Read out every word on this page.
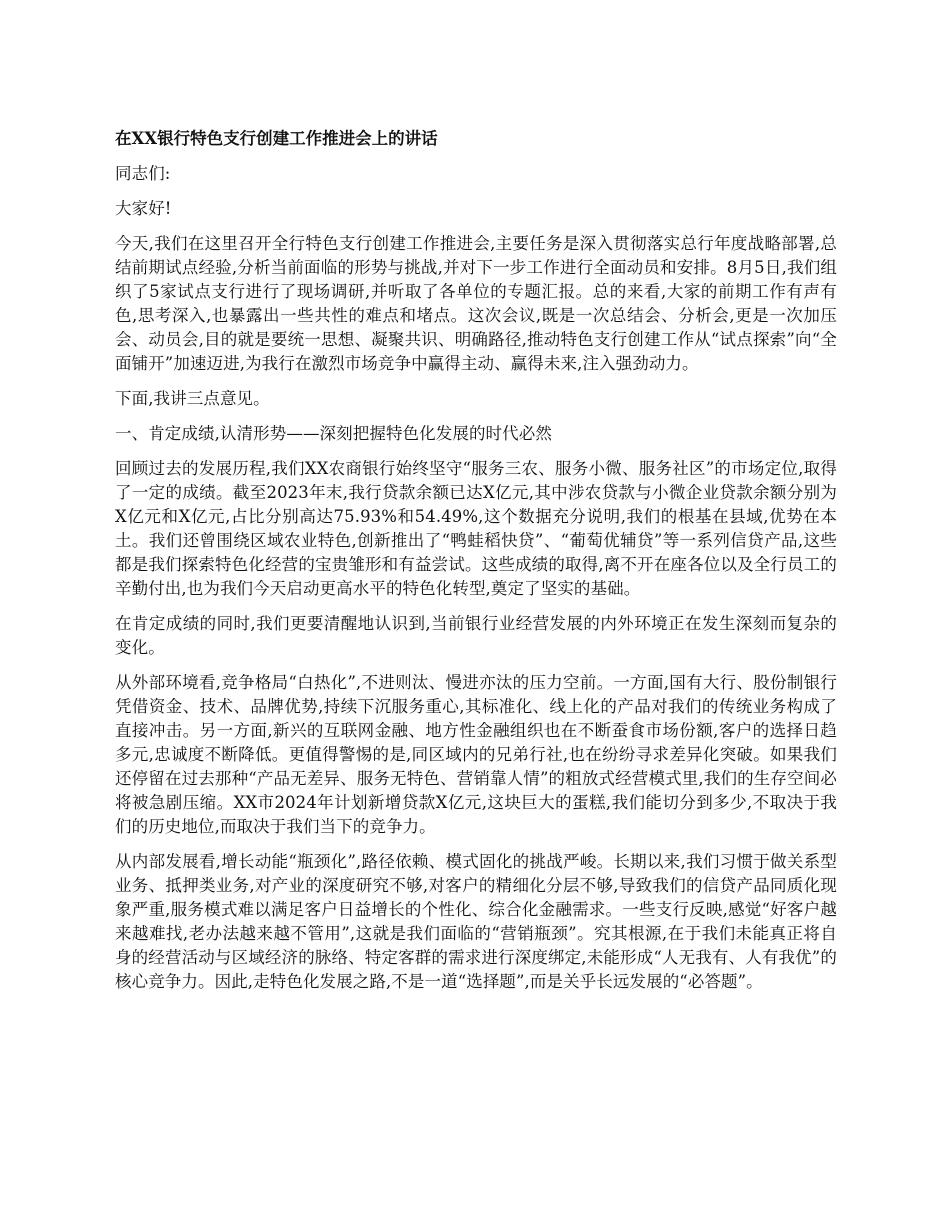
在XX银行特色支行创建工作推进会上的讲话

同志们:

大家好!

今天,我们在这里召开全行特色支行创建工作推进会,主要任务是深入贯彻落实总行年度战略部署,总结前期试点经验,分析当前面临的形势与挑战,并对下一步工作进行全面动员和安排。8月5日,我们组织了5家试点支行进行了现场调研,并听取了各单位的专题汇报。总的来看,大家的前期工作有声有色,思考深入,也暴露出一些共性的难点和堵点。这次会议,既是一次总结会、分析会,更是一次加压会、动员会,目的就是要统一思想、凝聚共识、明确路径,推动特色支行创建工作从“试点探索”向“全面铺开”加速迈进,为我行在激烈市场竞争中赢得主动、赢得未来,注入强劲动力。

下面,我讲三点意见。

一、肯定成绩,认清形势——深刻把握特色化发展的时代必然

回顾过去的发展历程,我们XX农商银行始终坚守“服务三农、服务小微、服务社区”的市场定位,取得了一定的成绩。截至2023年末,我行贷款余额已达X亿元,其中涉农贷款与小微企业贷款余额分别为X亿元和X亿元,占比分别高达75.93%和54.49%,这个数据充分说明,我们的根基在县域,优势在本土。我们还曾围绕区域农业特色,创新推出了“鸭蛙稻快贷”、“葡萄优辅贷”等一系列信贷产品,这些都是我们探索特色化经营的宝贵雏形和有益尝试。这些成绩的取得,离不开在座各位以及全行员工的辛勤付出,也为我们今天启动更高水平的特色化转型,奠定了坚实的基础。

在肯定成绩的同时,我们更要清醒地认识到,当前银行业经营发展的内外环境正在发生深刻而复杂的变化。

从外部环境看,竞争格局“白热化”,不进则汰、慢进亦汰的压力空前。一方面,国有大行、股份制银行凭借资金、技术、品牌优势,持续下沉服务重心,其标准化、线上化的产品对我们的传统业务构成了直接冲击。另一方面,新兴的互联网金融、地方性金融组织也在不断蚕食市场份额,客户的选择日趋多元,忠诚度不断降低。更值得警惕的是,同区域内的兄弟行社,也在纷纷寻求差异化突破。如果我们还停留在过去那种“产品无差异、服务无特色、营销靠人情”的粗放式经营模式里,我们的生存空间必将被急剧压缩。XX市2024年计划新增贷款X亿元,这块巨大的蛋糕,我们能切分到多少,不取决于我们的历史地位,而取决于我们当下的竞争力。

从内部发展看,增长动能“瓶颈化”,路径依赖、模式固化的挑战严峻。长期以来,我们习惯于做关系型业务、抵押类业务,对产业的深度研究不够,对客户的精细化分层不够,导致我们的信贷产品同质化现象严重,服务模式难以满足客户日益增长的个性化、综合化金融需求。一些支行反映,感觉“好客户越来越难找,老办法越来越不管用”,这就是我们面临的“营销瓶颈”。究其根源,在于我们未能真正将自身的经营活动与区域经济的脉络、特定客群的需求进行深度绑定,未能形成“人无我有、人有我优”的核心竞争力。因此,走特色化发展之路,不是一道“选择题”,而是关乎长远发展的“必答题”。
